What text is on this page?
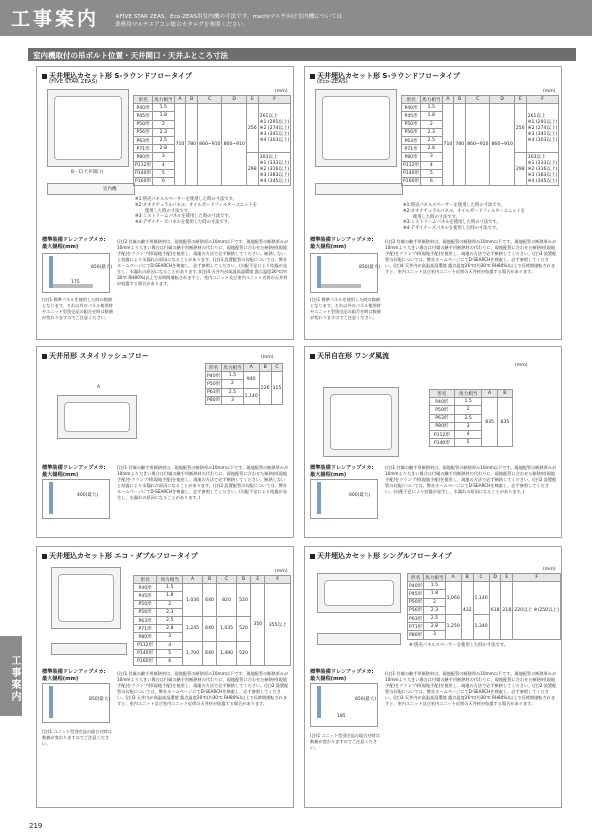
工事案内	※FIVE STAR ZEAS、Eco-ZEAS用室内機の寸法です。machiマルチ向け室内機については
業務用マルチエアコン総合カタログを参照ください。
室内機取付の吊ボルト位置・天井開口・天井ふところ寸法
天井埋込カセット形 S-ラウンドフロータイプ
(FIVE STAR ZEAS)
B・C(天井開口)
室内機
(mm)
形名	馬力相当	A	B	C	D	E	F
P40形	1.5	710	780	860~910	860~910	256	261以上
※1 (291以上)
※2 (274以上)
※3 (341以上)
※4 (303以上)
P45形	1.8						
P50形	2						
P56形	2.3						
P63形	2.5						
P71形	2.8						
P80形	3					298	303以上
※1 (333以上)
※2 (316以上)
※3 (383以上)
※4 (345以上)
P112形	4						
P140形	5						
P160形	6						
※1:別売パネルスペーサーを使用した時の寸法です。
※2:ネオナチュラルパネル、オイルガードフィルターユニットを
使用した時の寸法です。
※3:ミストリームパネルを使用した時の寸法です。
※4:デザイナーズパネルを使用した時の寸法です。
標準装備ドレンアップメカ:
最大揚程(mm)
850(最大)
175
(注)1 標準パネルを使用した時の数値となります。それ以外のパネル使用時やユニット型別売品の組合せ時は数値が変わりますのでご注意ください。
(注)2 付属の継手用断熱材は、現地配管の断熱厚み10mm以下です。現地配管の断熱厚みが10mmより大きい場合は付属の継手用断熱材の代わりに、現地配管に合わせた断熱材(現地手配)をクランプ材(現地手配)を使用し、現地の方法で必ず断熱してください。断熱しないと結露により水漏れの原因になることがあります。(注)3 設置配管の勾配については、弊社ホームページにてD-SEARCHを検索し、必ず参照してください。(勾配不足により結露が発生し、水漏れの原因になることがあります。)(注)4 天井内が高温高湿環境 露点温度26℃(約30℃ RH80%)以上で長時間運転されますと、室内ユニット及び室内ユニット近傍の天井材が結露する場合があります。
天井埋込カセット形 S-ラウンドフロータイプ
(Eco-ZEAS)
(mm)
形名	馬力相当	A	B	C	D	E	F
P40形	1.5	710	780	860~910	860~910	256	261以上
※1 (291以上)
※2 (274以上)
※3 (341以上)
※4 (303以上)
P45形	1.8						
P50形	2						
P56形	2.3						
P63形	2.5						
P71形	2.8						
P80形	3					298	303以上
※1 (333以上)
※2 (316以上)
※3 (383以上)
※4 (345以上)
P112形	4						
P140形	5						
P160形	6						
※1:別売パネルスペーサーを使用した時の寸法です。
※2:ネオナチュラルパネル、オイルガードフィルターユニットを
使用した時の寸法です。
※3:ミストリームパネルを使用した時の寸法です。
※4:デザイナーズパネルを使用した時の寸法です。
標準装備ドレンアップメカ:
最大揚程(mm)
850(最大)
(注)1 標準パネルを使用した時の数値となります。それ以外のパネル使用時やユニット型別売品の組合せ時は数値が変わりますのでご注意ください。
(注)2 付属の継手用断熱材は、現地配管の断熱厚み10mm以下です。現地配管の断熱厚みが10mmより大きい場合は付属の継手用断熱材の代わりに、現地配管に合わせた断熱材(現地手配)をクランプ材(現地手配)を使用し、現地の方法で必ず断熱してください。(注)3 設置配管の勾配については、弊社ホームページにてD-SEARCHを検索し、必ず参照してください。(注)4 天井内が高温高湿環境 露点温度26℃(約30℃ RH80%)以上で長時間運転されますと、室内ユニット及び室内ユニット近傍の天井材が結露する場合があります。
天井吊形 スタイリッシュフロー
A
(mm)
形名	馬力相当	A	B	C
P40形	1.5	940	226	315
P50形	2			
P63形	2.5	1,140		
P80形	3			
標準装備ドレンアップメカ:
最大揚程(mm)
400(最大)
(注)1 付属の継手用断熱材は、現地配管の断熱厚み10mm以下です。現地配管の断熱厚みが10mmより大きい場合は付属の継手用断熱材の代わりに、現地配管に合わせた断熱材(現地手配)をクランプ材(現地手配)を使用し、現地の方法で必ず断熱してください。断熱しないと結露により水漏れの原因になることがあります。(注)2 設置配管の勾配については、弊社ホームページにてD-SEARCHを検索し、必ず参照してください。(勾配不足により結露が発生し、水漏れの原因になることがあります。)
天吊自在形 ワンダ風流
(mm)
形名	馬力相当	A	B
P40形	1.5	835	835
P50形	2		
P63形	2.5		
P80形	3		
P112形	4		
P140形	5		
標準装備ドレンアップメカ:
最大揚程(mm)
600(最大)
(注)1 付属の継手用断熱材は、現地配管の断熱厚み10mm以下です。現地配管の断熱厚みが10mmより大きい場合は付属の継手用断熱材の代わりに、現地配管に合わせた断熱材(現地手配)をクランプ材(現地手配)を使用し、現地の方法で必ず断熱してください。(注)2 設置配管の勾配については、弊社ホームページにてD-SEARCHを検索し、必ず参照してください。(勾配不足により結露が発生し、水漏れの原因になることがあります。)
天井埋込カセット形 エコ・ダブルフロータイプ
(mm)
形名	馬力相当	A	B	C	D	E	F
P40形	1.5	1,030	640	820	520	350	355以上
P45形	1.8						
P50形	2						
P56形	2.3						
P63形	2.5	1,245	640	1,035	520		
P71形	2.8						
P80形	3						
P112形	4	1,700	640	1,490	520		
P140形	5						
P160形	6						
標準装備ドレンアップメカ:
最大揚程(mm)
850(最大)
(注)1 ユニット型別売品の組合せ時は数値が変わりますのでご注意ください。
(注)1 付属の継手用断熱材は、現地配管の断熱厚み10mm以下です。現地配管の断熱厚みが10mmより大きい場合は付属の継手用断熱材の代わりに、現地配管に合わせた断熱材(現地手配)をクランプ材(現地手配)を使用し、現地の方法で必ず断熱してください。(注)2 設置配管の勾配については、弊社ホームページにてD-SEARCHを検索し、必ず参照してください。(注)3 天井内が高温高湿環境 露点温度26℃(約30℃ RH80%)以上で長時間運転されますと、室内ユニット及び室内ユニット近傍の天井材が結露する場合があります。
天井埋込カセット形 シングルフロータイプ
(mm)
形名	馬力相当	A	B	C	D	E	F
P40形	1.5	1,060	432	1,140	618	218	220以上 ※(250以上)
P45形	1.8						
P50形	2						
P56形	2.3						
P63形	2.5	1,250		1,340			
P71形	2.8						
P80形	3						
※:別売パネルスペーサーを使用した時の寸法です。
標準装備ドレンアップメカ:
最大揚程(mm)
850(最大)
185
(注)1 ユニット型別売品の組合せ時は数値が変わりますのでご注意ください。
(注)1 付属の継手用断熱材は、現地配管の断熱厚み10mm以下です。現地配管の断熱厚みが10mmより大きい場合は付属の継手用断熱材の代わりに、現地配管に合わせた断熱材(現地手配)をクランプ材(現地手配)を使用し、現地の方法で必ず断熱してください。(注)2 設置配管の勾配については、弊社ホームページにてD-SEARCHを検索し、必ず参照してください。(注)3 天井内が高温高湿環境 露点温度26℃(約30℃ RH80%)以上で長時間運転されますと、室内ユニット及び室内ユニット近傍の天井材が結露する場合があります。
工事案内
219
